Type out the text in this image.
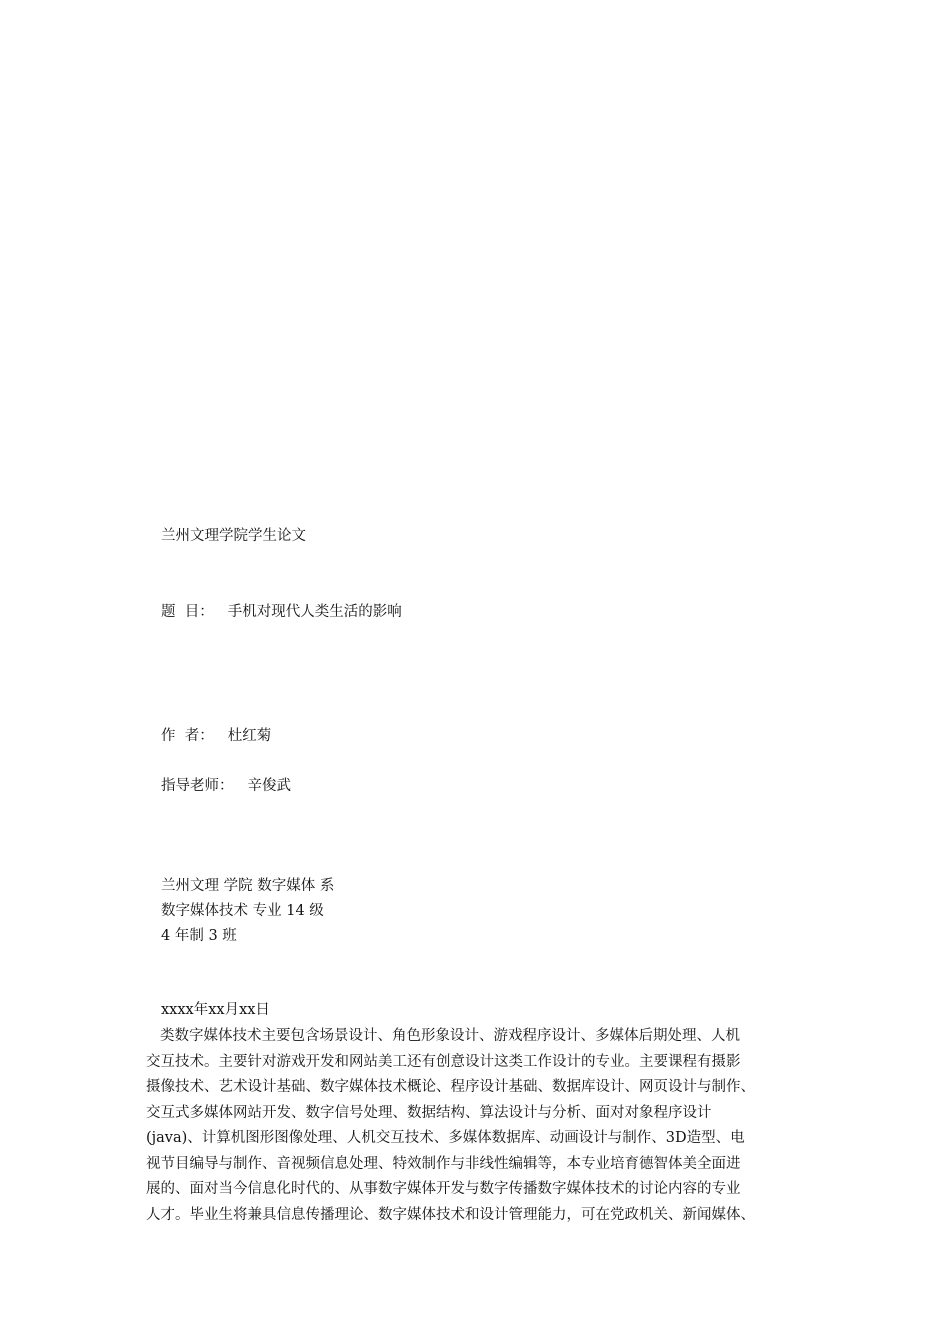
兰州文理学院学生论文
题  目： 手机对现代人类生活的影响
作  者： 杜红菊
指导老师： 辛俊武
兰州文理 学院 数字媒体 系
数字媒体技术 专业 14 级
4 年制 3 班
xxxx年xx月xx日
类数字媒体技术主要包含场景设计、角色形象设计、游戏程序设计、多媒体后期处理、人机
交互技术。主要针对游戏开发和网站美工还有创意设计这类工作设计的专业。主要课程有摄影
摄像技术、艺术设计基础、数字媒体技术概论、程序设计基础、数据库设计、网页设计与制作、
交互式多媒体网站开发、数字信号处理、数据结构、算法设计与分析、面对对象程序设计
(java)、计算机图形图像处理、人机交互技术、多媒体数据库、动画设计与制作、3D造型、电
视节目编导与制作、音视频信息处理、特效制作与非线性编辑等，本专业培育德智体美全面进
展的、面对当今信息化时代的、从事数字媒体开发与数字传播数字媒体技术的讨论内容的专业
人才。毕业生将兼具信息传播理论、数字媒体技术和设计管理能力，可在党政机关、新闻媒体、
